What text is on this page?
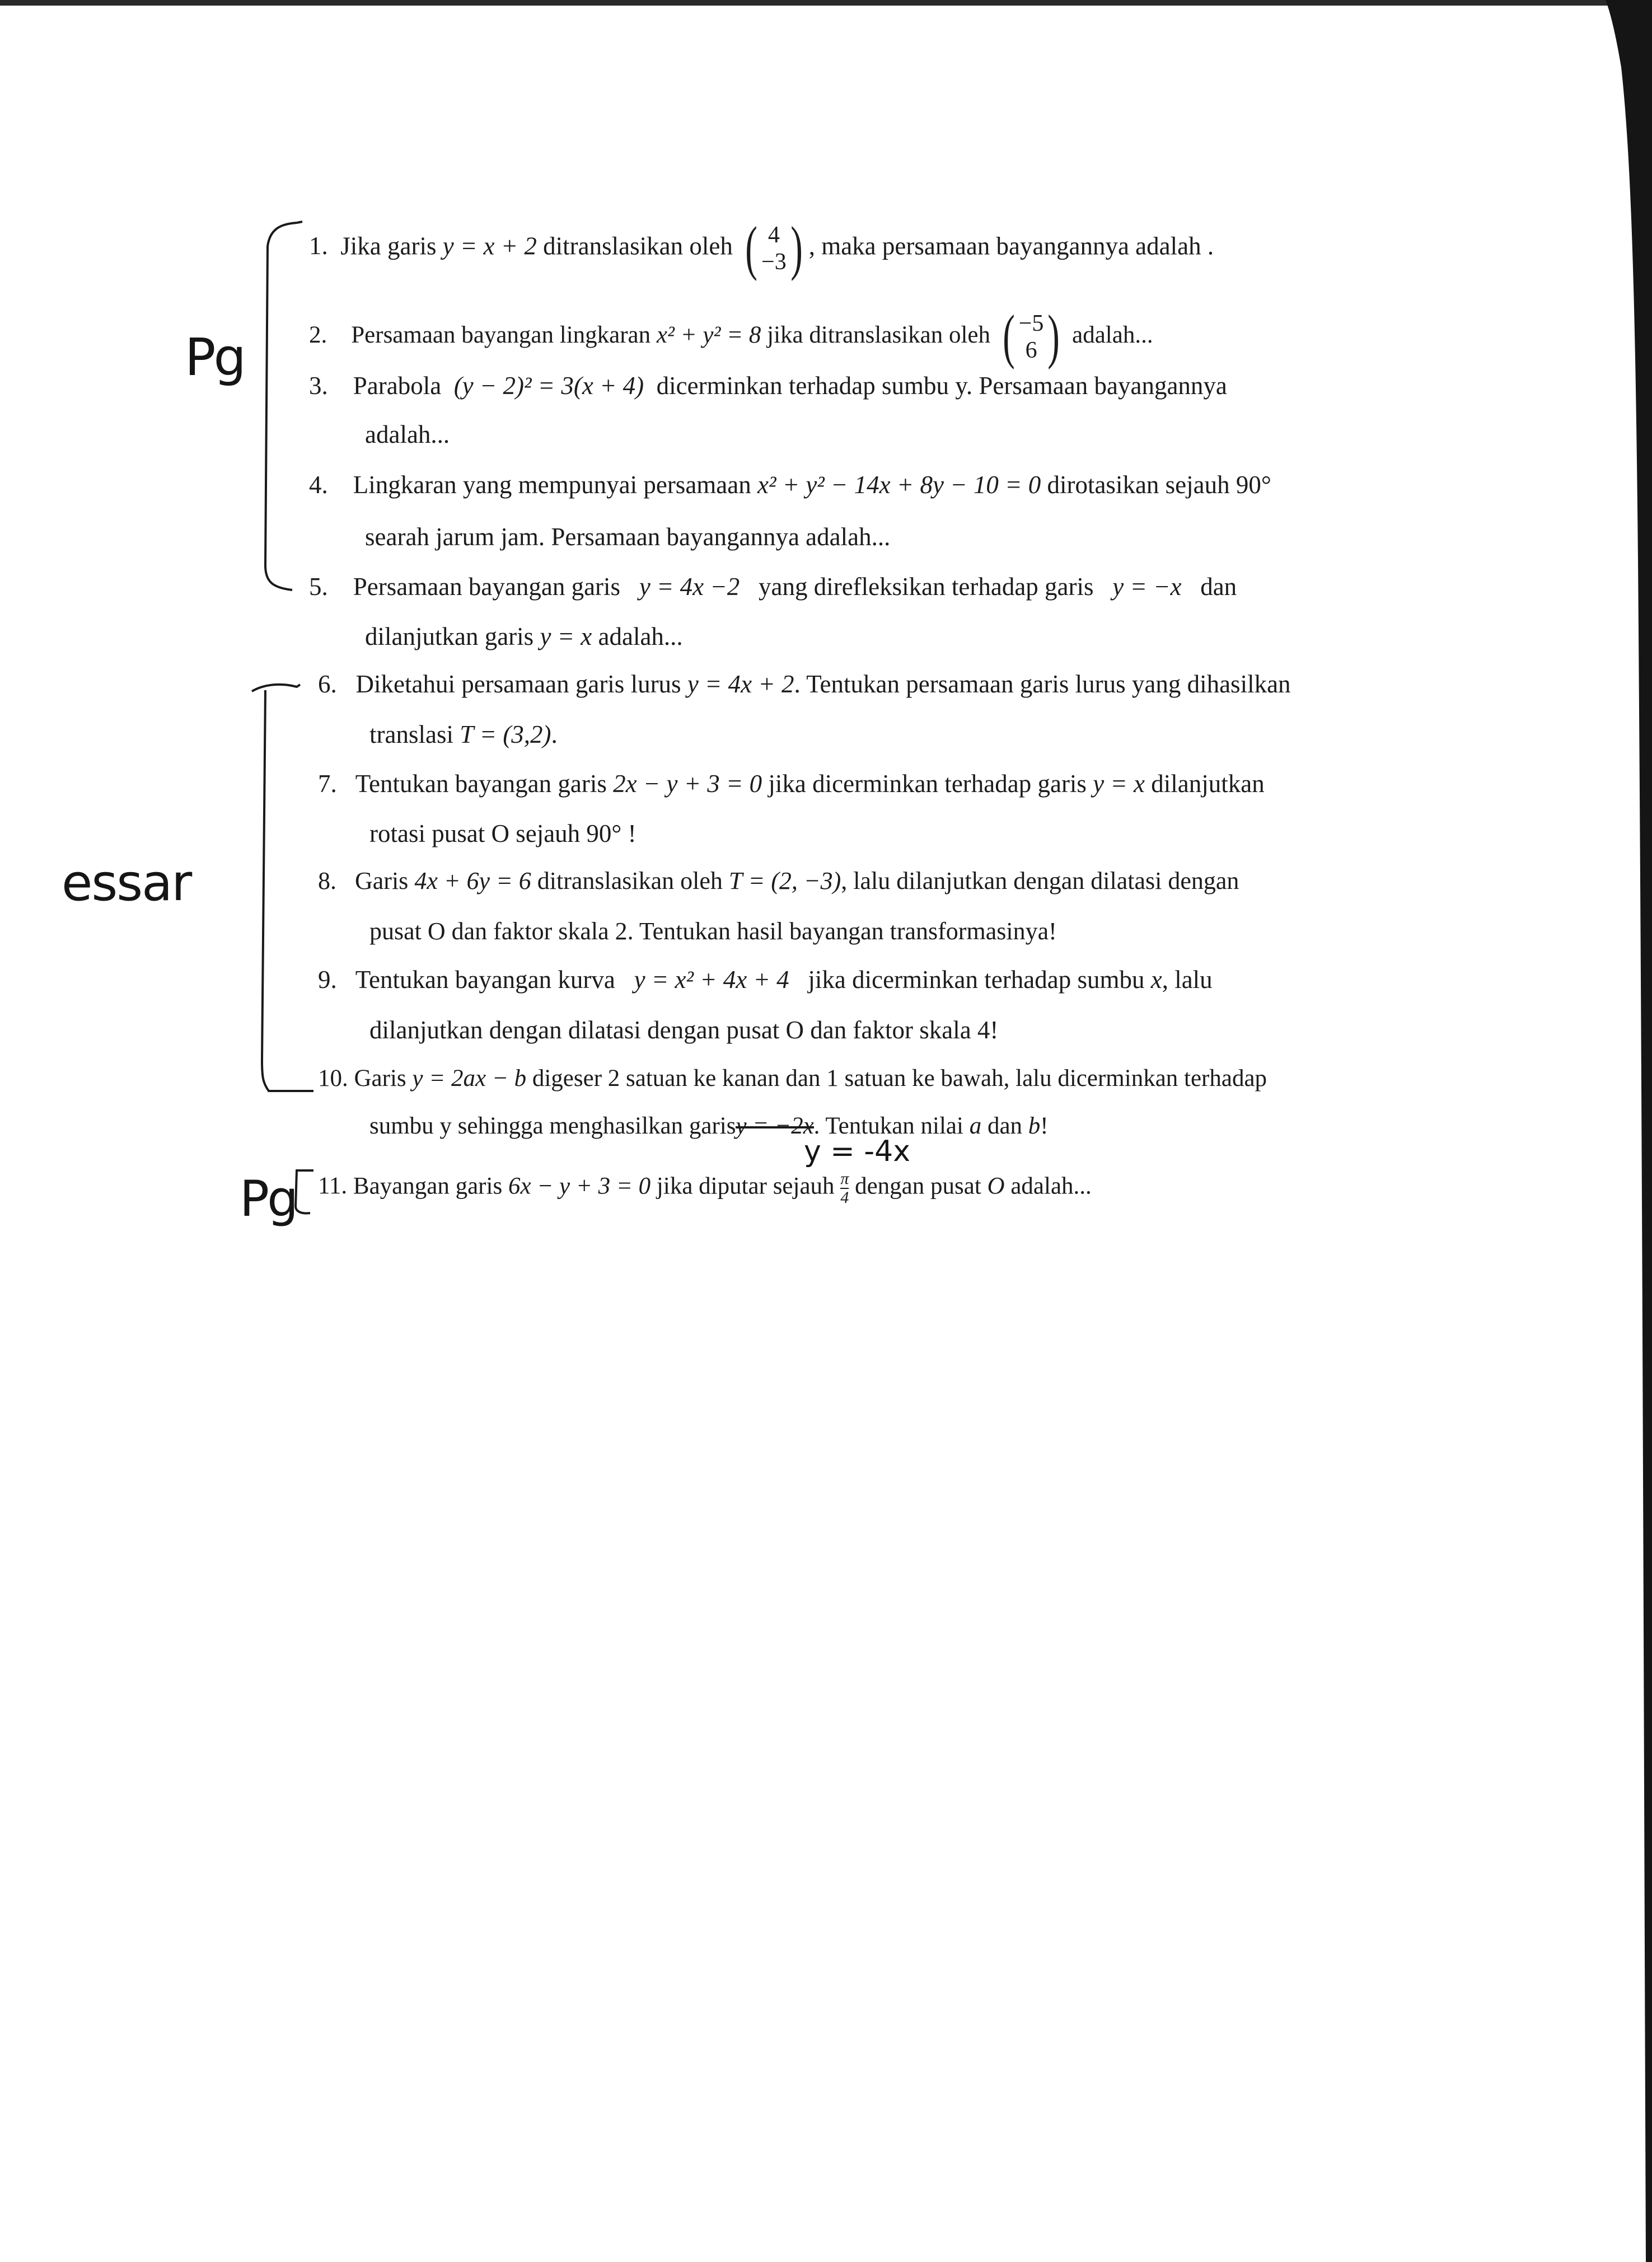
Pg
essar
Pg
y = -4x
1. Jika garis y = x + 2 ditranslasikan oleh ( 4
−3) , maka persamaan bayangannya adalah .
2. Persamaan bayangan lingkaran x² + y² = 8 jika ditranslasikan oleh ( −5
6 ) adalah...
3. Parabola (y − 2)² = 3(x + 4) dicerminkan terhadap sumbu y. Persamaan bayangannya
adalah...
4. Lingkaran yang mempunyai persamaan x² + y² − 14x + 8y − 10 = 0 dirotasikan sejauh 90°
searah jarum jam. Persamaan bayangannya adalah...
5. Persamaan bayangan garis y = 4x −2 yang direfleksikan terhadap garis y = −x dan
dilanjutkan garis y = x adalah...
6. Diketahui persamaan garis lurus y = 4x + 2. Tentukan persamaan garis lurus yang dihasilkan
translasi T = (3,2).
7. Tentukan bayangan garis 2x − y + 3 = 0 jika dicerminkan terhadap garis y = x dilanjutkan
rotasi pusat O sejauh 90° !
8. Garis 4x + 6y = 6 ditranslasikan oleh T = (2, −3), lalu dilanjutkan dengan dilatasi dengan
pusat O dan faktor skala 2. Tentukan hasil bayangan transformasinya!
9. Tentukan bayangan kurva y = x² + 4x + 4 jika dicerminkan terhadap sumbu x, lalu
dilanjutkan dengan dilatasi dengan pusat O dan faktor skala 4!
10. Garis y = 2ax − b digeser 2 satuan ke kanan dan 1 satuan ke bawah, lalu dicerminkan terhadap
sumbu y sehingga menghasilkan garisy = −2x. Tentukan nilai a dan b!
11. Bayangan garis 6x − y + 3 = 0 jika diputar sejauh $\frac{\pi}{4}$ dengan pusat O adalah...
